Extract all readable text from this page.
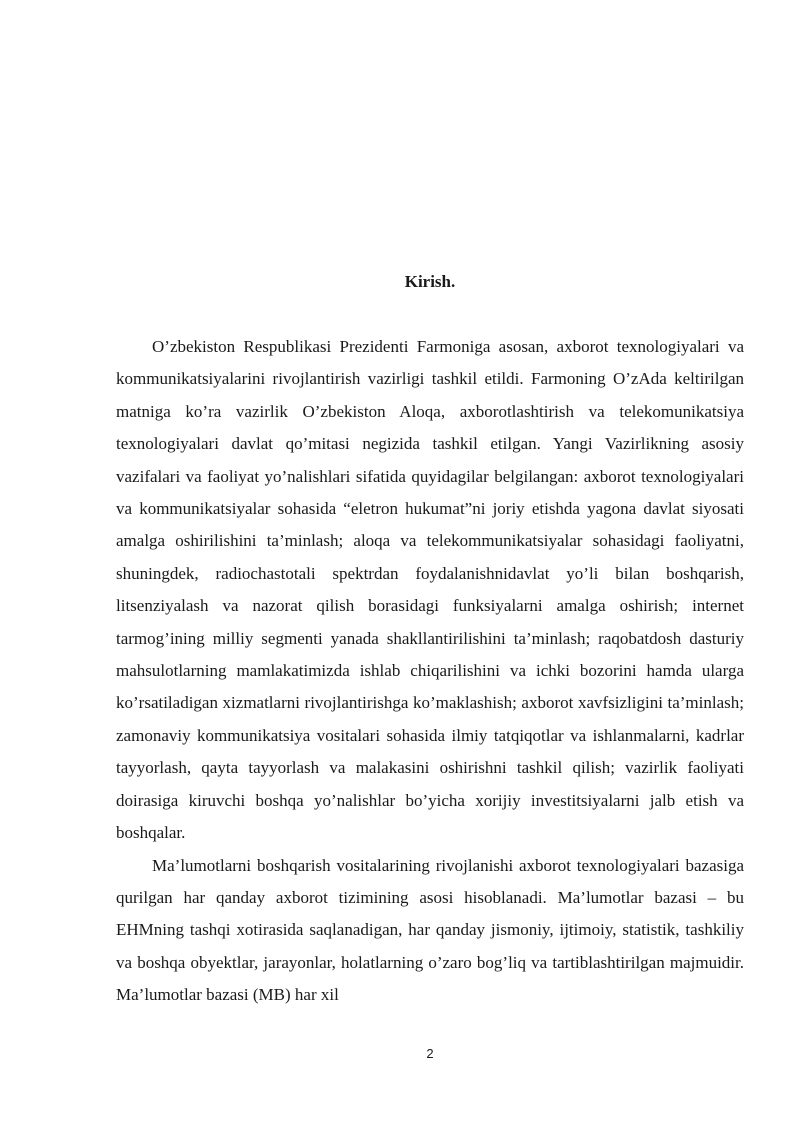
Kirish.

O’zbekiston Respublikasi Prezidenti Farmoniga asosan, axborot texnologiyalari va kommunikatsiyalarini rivojlantirish vazirligi tashkil etildi. Farmoning O’zAda keltirilgan matniga ko’ra vazirlik O’zbekiston Aloqa, axborotlashtirish va telekomunikatsiya texnologiyalari davlat qo’mitasi negizida tashkil etilgan. Yangi Vazirlikning asosiy vazifalari va faoliyat yo’nalishlari sifatida quyidagilar belgilangan: axborot texnologiyalari va kommunikatsiyalar sohasida “eletron hukumat”ni joriy etishda yagona davlat siyosati amalga oshirilishini ta’minlash; aloqa va telekommunikatsiyalar sohasidagi faoliyatni, shuningdek, radiochastotali spektrdan foydalanishnidavlat yo’li bilan boshqarish, litsenziyalash va nazorat qilish borasidagi funksiyalarni amalga oshirish; internet tarmog’ining milliy segmenti yanada shakllantirilishini ta’minlash; raqobatdosh dasturiy mahsulotlarning mamlakatimizda ishlab chiqarilishini va ichki bozorini hamda ularga ko’rsatiladigan xizmatlarni rivojlantirishga ko’maklashish; axborot xavfsizligini ta’minlash; zamonaviy kommunikatsiya vositalari sohasida ilmiy tatqiqotlar va ishlanmalarni, kadrlar tayyorlash, qayta tayyorlash va malakasini oshirishni tashkil qilish; vazirlik faoliyati doirasiga kiruvchi boshqa yo’nalishlar bo’yicha xorijiy investitsiyalarni jalb etish va boshqalar.

Ma’lumotlarni boshqarish vositalarining rivojlanishi axborot texnologiyalari bazasiga qurilgan har qanday axborot tizimining asosi hisoblanadi. Ma’lumotlar bazasi – bu EHMning tashqi xotirasida saqlanadigan, har qanday jismoniy, ijtimoiy, statistik, tashkiliy va boshqa obyektlar, jarayonlar, holatlarning o’zaro bog’liq va tartiblashtirilgan majmuidir. Ma’lumotlar bazasi (MB) har xil

2
